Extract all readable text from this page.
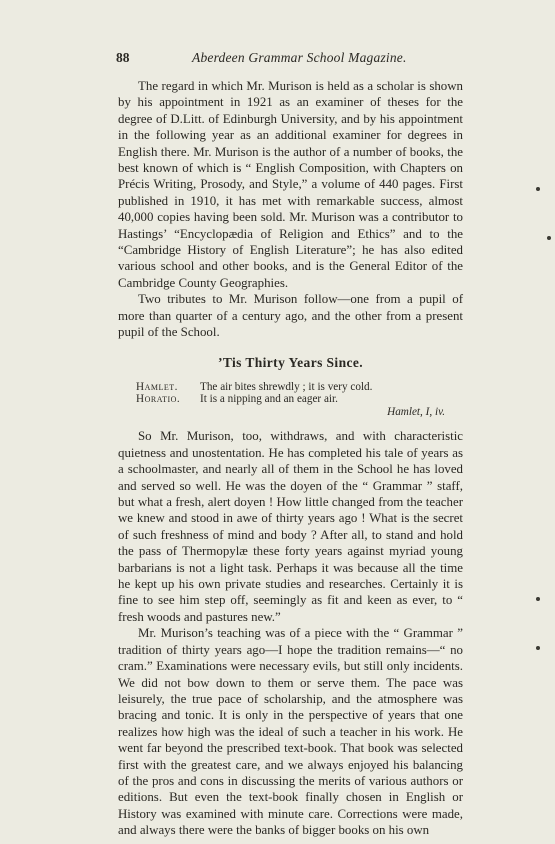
88	Aberdeen Grammar School Magazine.

The regard in which Mr. Murison is held as a scholar is shown by his appointment in 1921 as an examiner of theses for the degree of D.Litt. of Edinburgh University, and by his appointment in the following year as an additional examiner for degrees in English there. Mr. Murison is the author of a number of books, the best known of which is “ English Composition, with Chapters on Précis Writing, Prosody, and Style,” a volume of 440 pages. First published in 1910, it has met with remarkable success, almost 40,000 copies having been sold. Mr. Murison was a contributor to Hastings’ “Encyclopædia of Religion and Ethics” and to the “Cambridge History of English Literature”; he has also edited various school and other books, and is the General Editor of the Cambridge County Geographies.

Two tributes to Mr. Murison follow—one from a pupil of more than quarter of a century ago, and the other from a present pupil of the School.

’Tis Thirty Years Since.
Hamlet.	The air bites shrewdly ; it is very cold.
Horatio.	It is a nipping and an eager air.
Hamlet, I, iv.

So Mr. Murison, too, withdraws, and with characteristic quietness and unostentation. He has completed his tale of years as a schoolmaster, and nearly all of them in the School he has loved and served so well. He was the doyen of the “ Grammar ” staff, but what a fresh, alert doyen ! How little changed from the teacher we knew and stood in awe of thirty years ago ! What is the secret of such freshness of mind and body ? After all, to stand and hold the pass of Thermopylæ these forty years against myriad young barbarians is not a light task. Perhaps it was because all the time he kept up his own private studies and researches. Certainly it is fine to see him step off, seemingly as fit and keen as ever, to “ fresh woods and pastures new.”

Mr. Murison’s teaching was of a piece with the “ Grammar ” tradition of thirty years ago—I hope the tradition remains—“ no cram.” Examinations were necessary evils, but still only incidents. We did not bow down to them or serve them. The pace was leisurely, the true pace of scholarship, and the atmosphere was bracing and tonic. It is only in the perspective of years that one realizes how high was the ideal of such a teacher in his work. He went far beyond the prescribed text-book. That book was selected first with the greatest care, and we always enjoyed his balancing of the pros and cons in discussing the merits of various authors or editions. But even the text-book finally chosen in English or History was examined with minute care. Corrections were made, and always there were the banks of bigger books on his own
